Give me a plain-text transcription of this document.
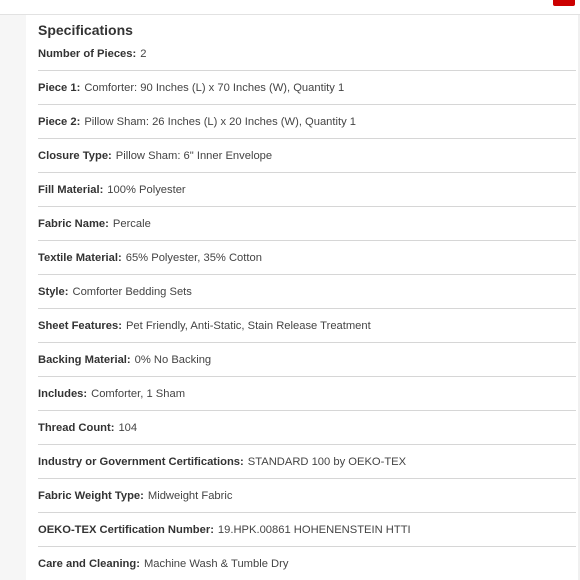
Specifications
Number of Pieces : 2
Piece 1 : Comforter: 90 Inches (L) x 70 Inches (W), Quantity 1
Piece 2 : Pillow Sham: 26 Inches (L) x 20 Inches (W), Quantity 1
Closure Type : Pillow Sham: 6" Inner Envelope
Fill Material : 100% Polyester
Fabric Name : Percale
Textile Material : 65% Polyester, 35% Cotton
Style : Comforter Bedding Sets
Sheet Features : Pet Friendly, Anti-Static, Stain Release Treatment
Backing Material : 0% No Backing
Includes : Comforter, 1 Sham
Thread Count : 104
Industry or Government Certifications : STANDARD 100 by OEKO-TEX
Fabric Weight Type : Midweight Fabric
OEKO-TEX Certification Number : 19.HPK.00861 HOHENENSTEIN HTTI
Care and Cleaning : Machine Wash & Tumble Dry
